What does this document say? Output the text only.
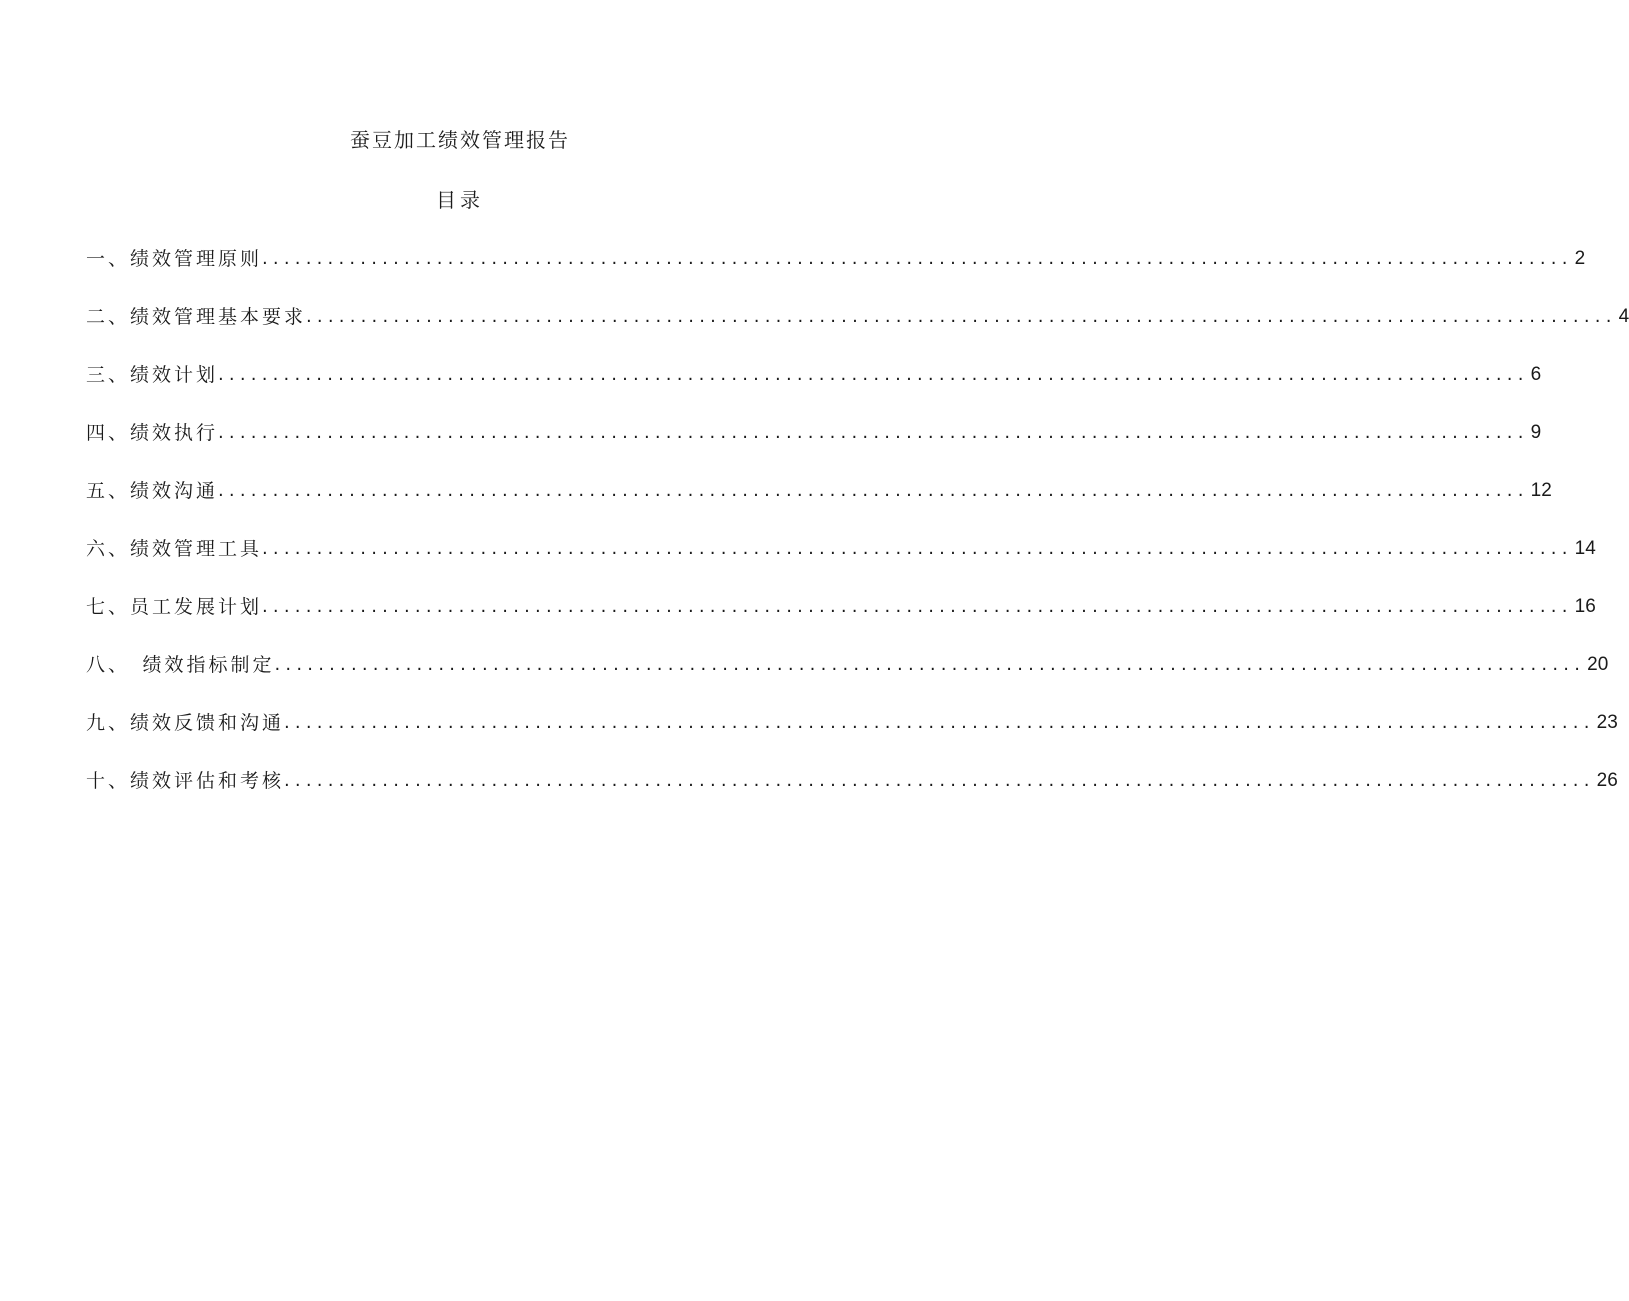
蚕豆加工绩效管理报告
目录
一、绩效管理原则 ........................................................................................................................ 2
二、绩效管理基本要求 ........................................................................................................................ 4
三、绩效计划 ........................................................................................................................ 6
四、绩效执行 ........................................................................................................................ 9
五、绩效沟通 ........................................................................................................................ 12
六、绩效管理工具 ........................................................................................................................ 14
七、员工发展计划 ........................................................................................................................ 16
八、　绩效指标制定 ........................................................................................................................ 20
九、绩效反馈和沟通 ........................................................................................................................ 23
十、绩效评估和考核 ........................................................................................................................ 26
